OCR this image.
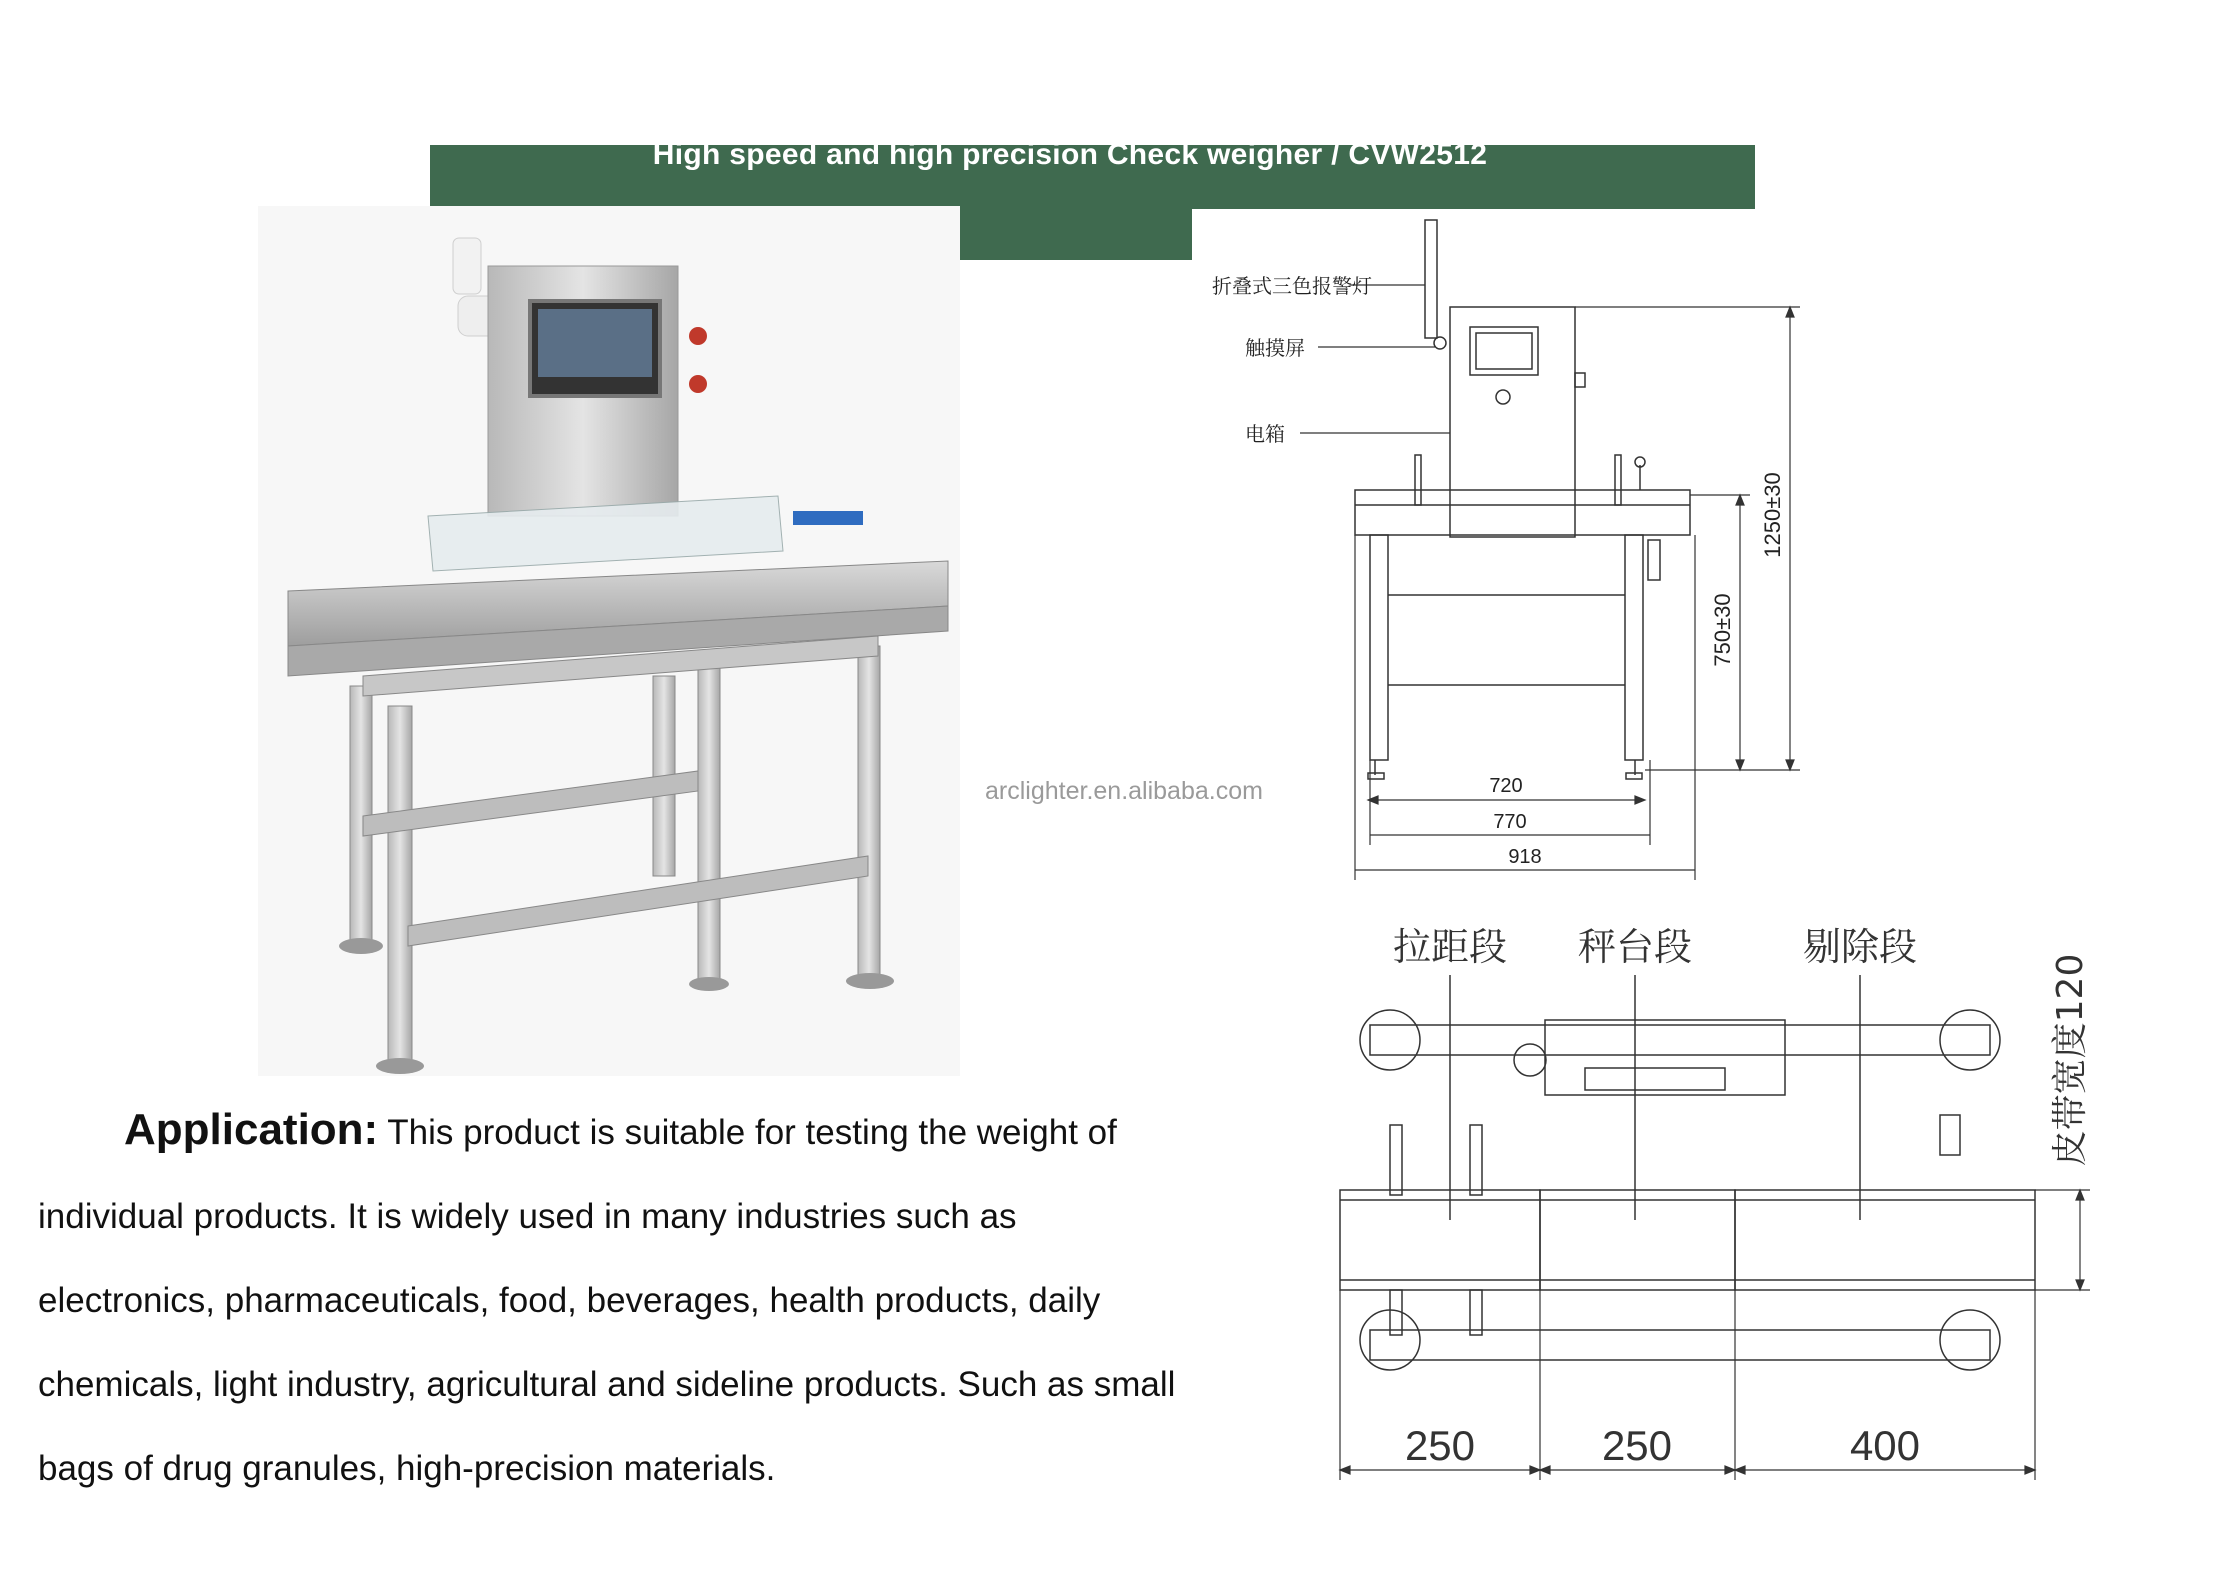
High speed and high precision Check weigher / CVW2512
arclighter.en.alibaba.com
折叠式三色报警灯
触摸屏
电箱
1250±30
750±30
720
770
918
拉距段 秤台段	剔除段
皮带宽度120
250	250	400
Application: This product is suitable for testing the weight of
individual products. It is widely used in many industries such as
electronics, pharmaceuticals, food, beverages, health products, daily
chemicals, light industry, agricultural and sideline products. Such as small
bags of drug granules, high-precision materials.
